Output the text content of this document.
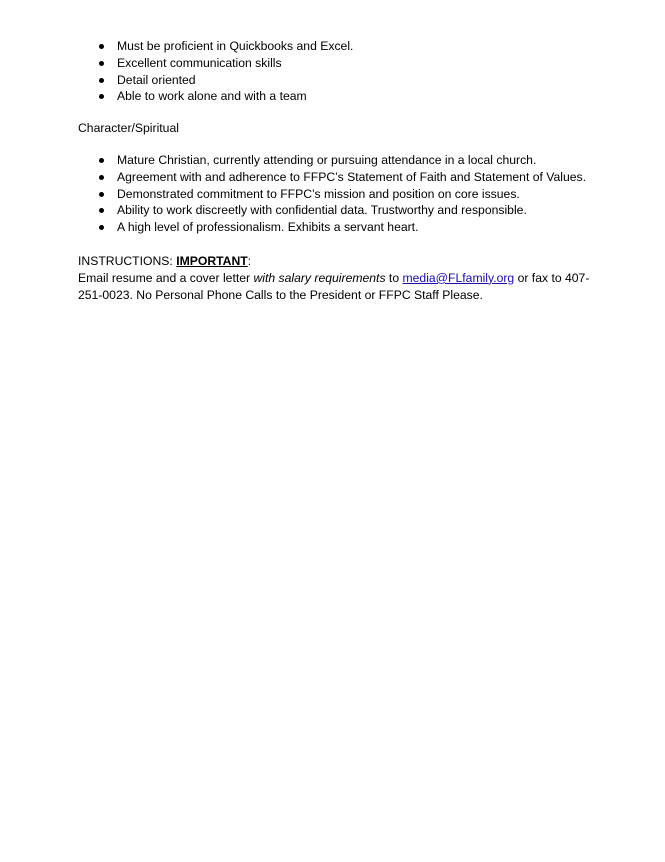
Must be proficient in Quickbooks and Excel.
Excellent communication skills
Detail oriented
Able to work alone and with a team
Character/Spiritual
Mature Christian, currently attending or pursuing attendance in a local church.
Agreement with and adherence to FFPC’s Statement of Faith and Statement of Values.
Demonstrated commitment to FFPC’s mission and position on core issues.
Ability to work discreetly with confidential data. Trustworthy and responsible.
A high level of professionalism. Exhibits a servant heart.
INSTRUCTIONS: IMPORTANT:
Email resume and a cover letter with salary requirements to media@FLfamily.org or fax to 407-251-0023. No Personal Phone Calls to the President or FFPC Staff Please.
